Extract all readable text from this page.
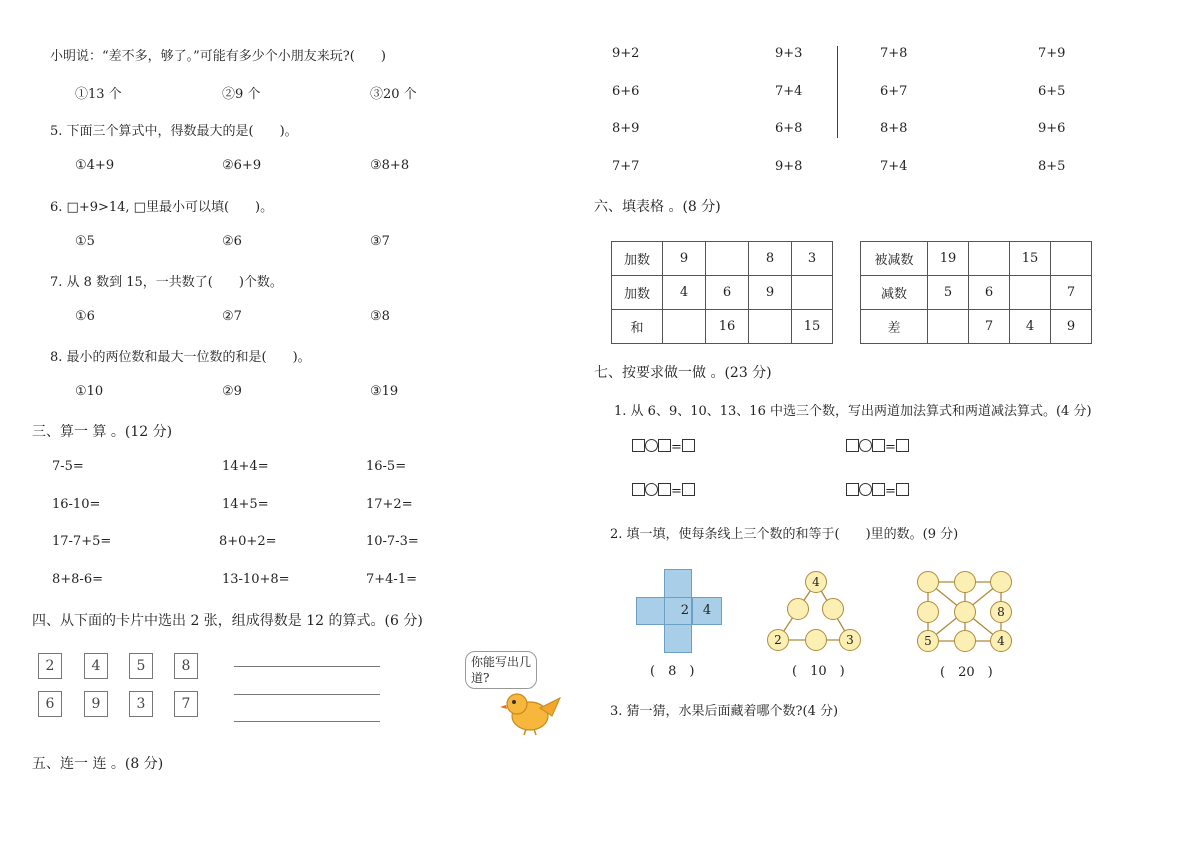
小明说：“差不多，够了。”可能有多少个小朋友来玩?(　　)
①13 个	②9 个	③20 个
5. 下面三个算式中，得数最大的是(　　)。
①4+9	②6+9	③8+8
6. □+9>14, □里最小可以填(　　)。
①5	②6	③7
7. 从 8 数到 15，一共数了(　　)个数。
①6	②7	③8
8. 最小的两位数和最大一位数的和是(　　)。
①10	②9	③19
三、算一 算 。(12 分)
7-5=	14+4=	16-5=
16-10=	14+5=	17+2=
17-7+5=	8+0+2=	10-7-3=
8+8-6=	13-10+8=	7+4-1=
四、从下面的卡片中选出 2 张，组成得数是 12 的算式。(6 分)
2	4	5	8
6	9	3	7
你能写出几道?
五、连一 连 。(8 分)
9+2	9+3
6+6	7+4
8+9	6+8
7+7	9+8
7+8	7+9
6+7	6+5
8+8	9+6
7+4	8+5
六、填表格 。(8 分)
加数	9		8	3
加数	4	6	9	
和		16		15
被减数	19		15	
减数	5	6		7
差		7	4	9
七、按要求做一做 。(23 分)
1. 从 6、9、10、13、16 中选三个数，写出两道加法算式和两道减法算式。(4 分)
=	=
=	=
2. 填一填，使每条线上三个数的和等于(　　)里的数。(9 分)
2	4
(　8　)
4
2	3
(　10　)
8
5	4
(　20　)
3. 猜一猜，水果后面藏着哪个数?(4 分)
